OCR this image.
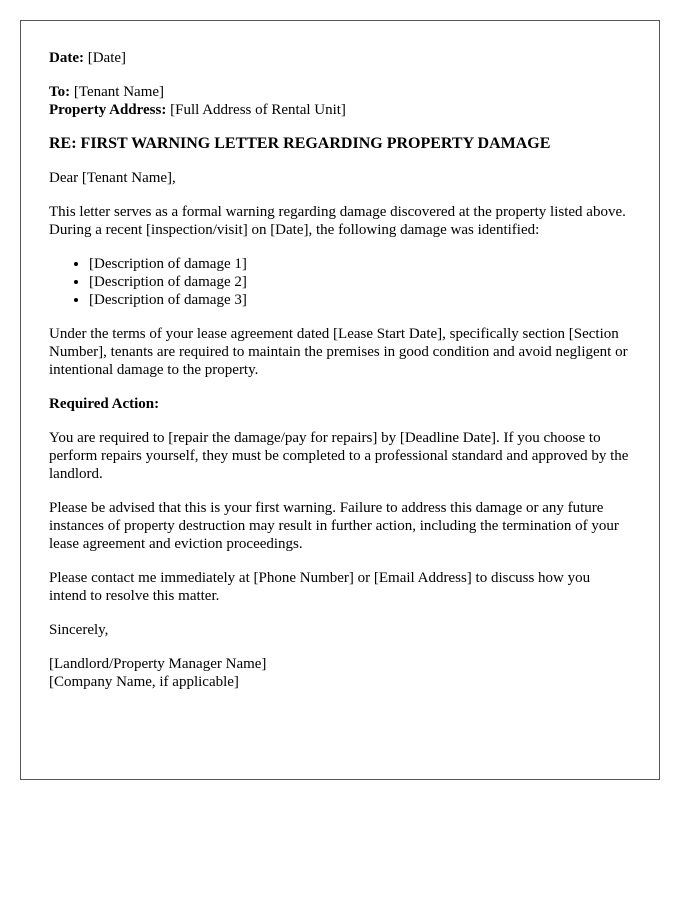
Date: [Date]

To: [Tenant Name]
Property Address: [Full Address of Rental Unit]

RE: FIRST WARNING LETTER REGARDING PROPERTY DAMAGE

Dear [Tenant Name],

This letter serves as a formal warning regarding damage discovered at the property listed above. During a recent [inspection/visit] on [Date], the following damage was identified:

• [Description of damage 1]
• [Description of damage 2]
• [Description of damage 3]

Under the terms of your lease agreement dated [Lease Start Date], specifically section [Section Number], tenants are required to maintain the premises in good condition and avoid negligent or intentional damage to the property.

Required Action:

You are required to [repair the damage/pay for repairs] by [Deadline Date]. If you choose to perform repairs yourself, they must be completed to a professional standard and approved by the landlord.

Please be advised that this is your first warning. Failure to address this damage or any future instances of property destruction may result in further action, including the termination of your lease agreement and eviction proceedings.

Please contact me immediately at [Phone Number] or [Email Address] to discuss how you intend to resolve this matter.

Sincerely,

[Landlord/Property Manager Name]
[Company Name, if applicable]
